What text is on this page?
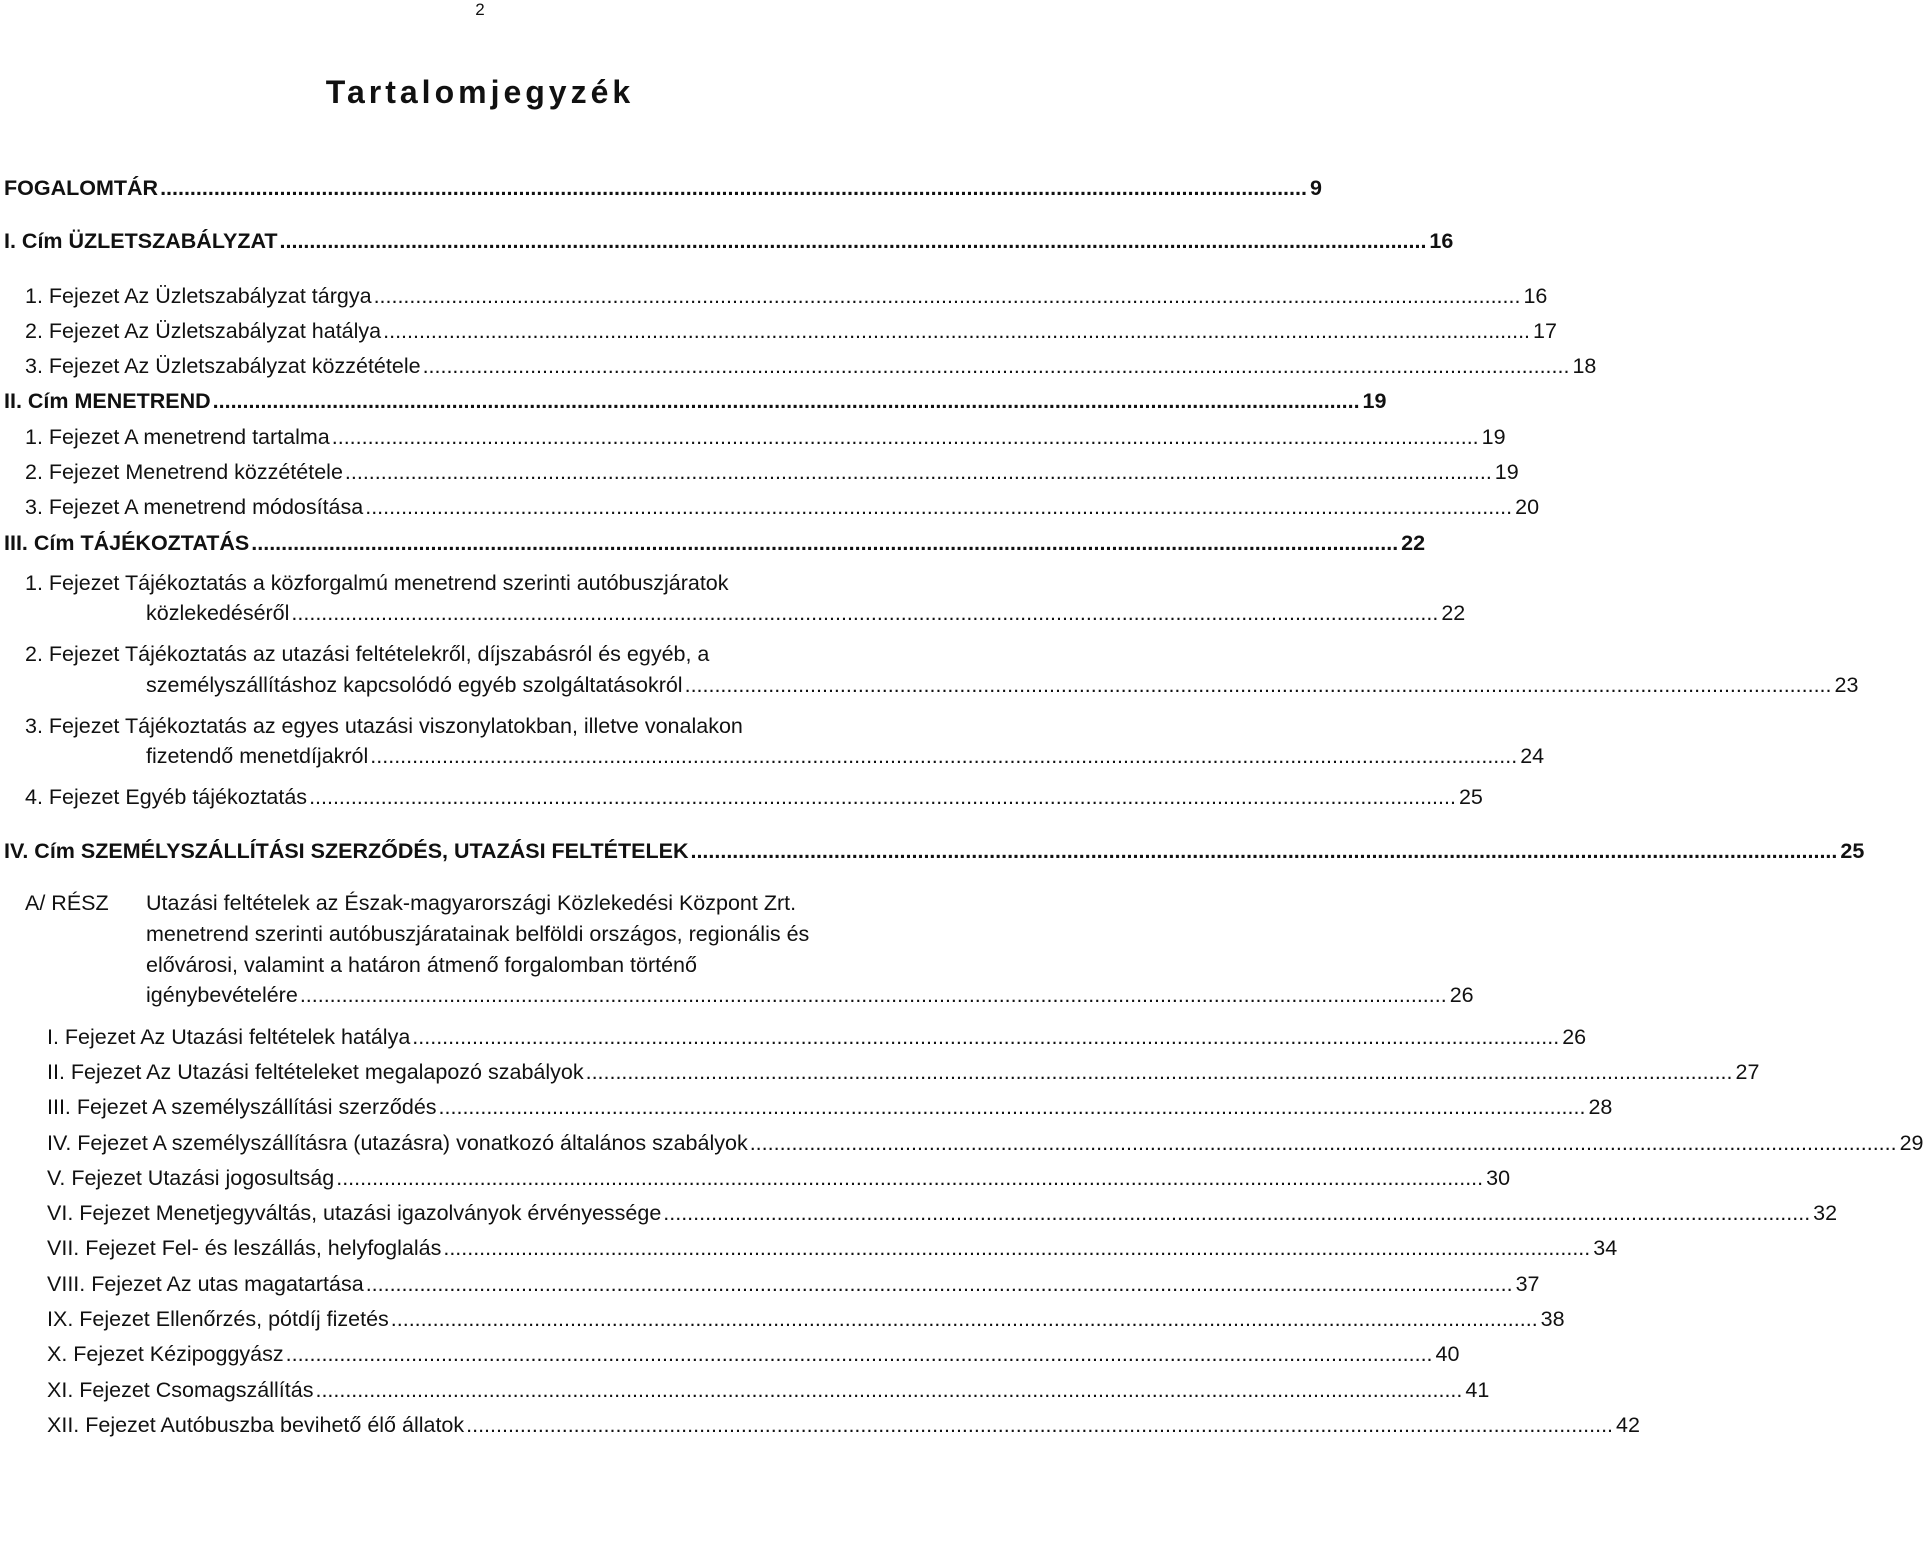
2
Tartalomjegyzék
FOGALOMTÁR ................................................................................................................................................................................................ 9
I. Cím ÜZLETSZABÁLYZAT ................................................................................................................................................................................................ 16
1. Fejezet Az Üzletszabályzat tárgya ................................................................................................................................................................................................ 16
2. Fejezet Az Üzletszabályzat hatálya ................................................................................................................................................................................................ 17
3. Fejezet Az Üzletszabályzat közzététele ................................................................................................................................................................................................ 18
II. Cím MENETREND ................................................................................................................................................................................................ 19
1. Fejezet A menetrend tartalma ................................................................................................................................................................................................ 19
2. Fejezet Menetrend közzététele ................................................................................................................................................................................................ 19
3. Fejezet A menetrend módosítása ................................................................................................................................................................................................ 20
III. Cím TÁJÉKOZTATÁS ................................................................................................................................................................................................ 22
1. Fejezet Tájékoztatás a közforgalmú menetrend szerinti autóbuszjáratok
közlekedéséről ................................................................................................................................................................................................ 22
2. Fejezet Tájékoztatás az utazási feltételekről, díjszabásról és egyéb, a
személyszállításhoz kapcsolódó egyéb szolgáltatásokról ................................................................................................................................................................................................ 23
3. Fejezet Tájékoztatás az egyes utazási viszonylatokban, illetve vonalakon
fizetendő menetdíjakról ................................................................................................................................................................................................ 24
4. Fejezet Egyéb tájékoztatás ................................................................................................................................................................................................ 25
IV. Cím SZEMÉLYSZÁLLÍTÁSI SZERZŐDÉS, UTAZÁSI FELTÉTELEK ................................................................................................................................................................................................ 25
A/ RÉSZ Utazási feltételek az Észak-magyarországi Közlekedési Központ Zrt.
menetrend szerinti autóbuszjáratainak belföldi országos, regionális és
elővárosi, valamint a határon átmenő forgalomban történő
igénybevételére ................................................................................................................................................................................................ 26
I. Fejezet Az Utazási feltételek hatálya ................................................................................................................................................................................................ 26
II. Fejezet Az Utazási feltételeket megalapozó szabályok ................................................................................................................................................................................................ 27
III. Fejezet A személyszállítási szerződés ................................................................................................................................................................................................ 28
IV. Fejezet A személyszállításra (utazásra) vonatkozó általános szabályok ................................................................................................................................................................................................ 29
V. Fejezet Utazási jogosultság ................................................................................................................................................................................................ 30
VI. Fejezet Menetjegyváltás, utazási igazolványok érvényessége ................................................................................................................................................................................................ 32
VII. Fejezet Fel- és leszállás, helyfoglalás ................................................................................................................................................................................................ 34
VIII. Fejezet Az utas magatartása ................................................................................................................................................................................................ 37
IX. Fejezet Ellenőrzés, pótdíj fizetés ................................................................................................................................................................................................ 38
X. Fejezet Kézipoggyász ................................................................................................................................................................................................ 40
XI. Fejezet Csomagszállítás ................................................................................................................................................................................................ 41
XII. Fejezet Autóbuszba bevihető élő állatok ................................................................................................................................................................................................ 42
